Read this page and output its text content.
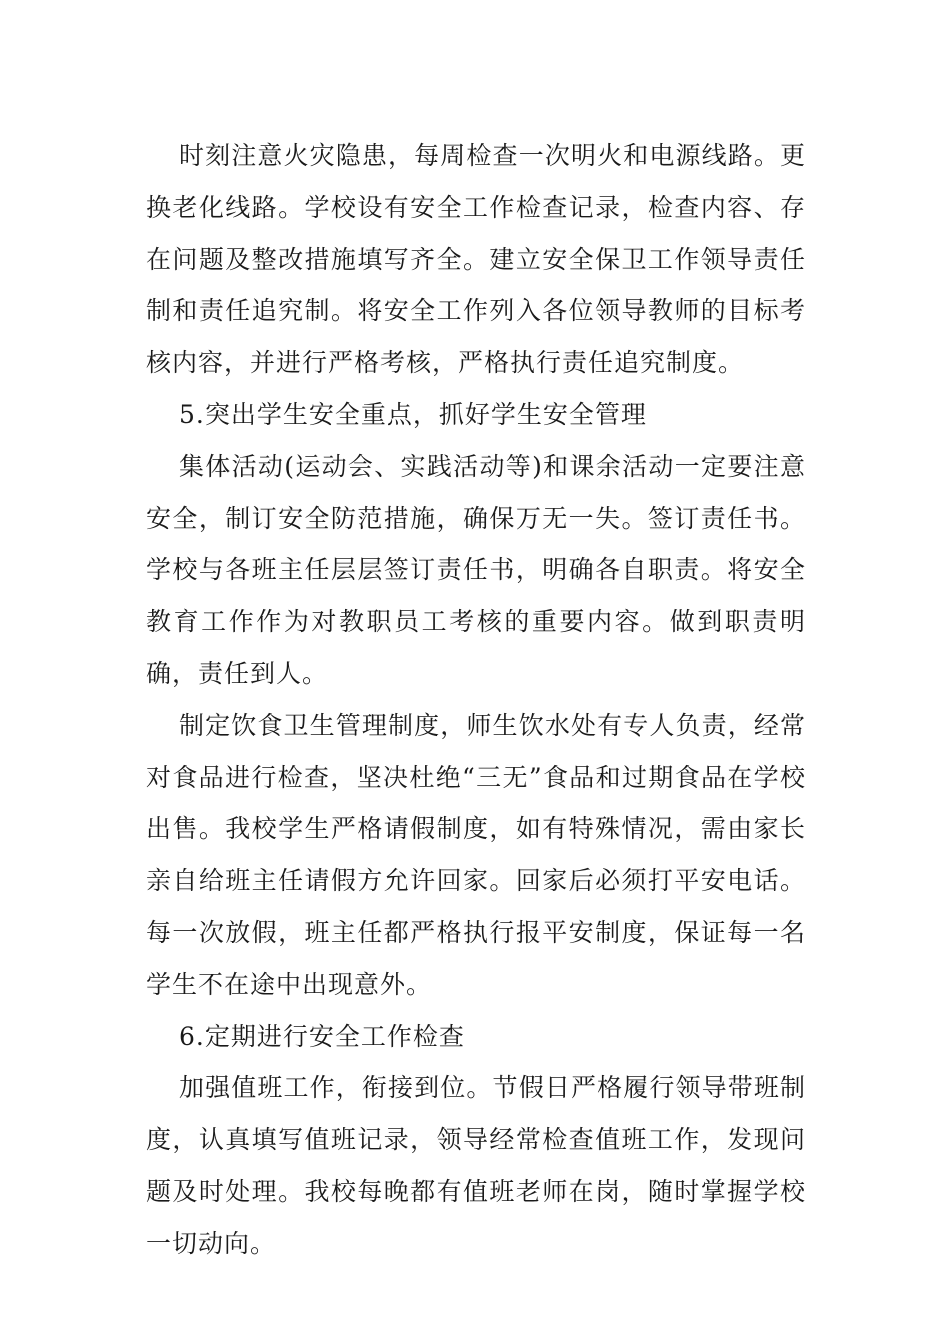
时刻注意火灾隐患，每周检查一次明火和电源线路。更换老化线路。学校设有安全工作检查记录，检查内容、存在问题及整改措施填写齐全。建立安全保卫工作领导责任制和责任追究制。将安全工作列入各位领导教师的目标考核内容，并进行严格考核，严格执行责任追究制度。

5.突出学生安全重点，抓好学生安全管理

集体活动(运动会、实践活动等)和课余活动一定要注意安全，制订安全防范措施，确保万无一失。签订责任书。学校与各班主任层层签订责任书，明确各自职责。将安全教育工作作为对教职员工考核的重要内容。做到职责明确，责任到人。

制定饮食卫生管理制度，师生饮水处有专人负责，经常对食品进行检查，坚决杜绝“三无”食品和过期食品在学校出售。我校学生严格请假制度，如有特殊情况，需由家长亲自给班主任请假方允许回家。回家后必须打平安电话。每一次放假，班主任都严格执行报平安制度，保证每一名学生不在途中出现意外。

6.定期进行安全工作检查

加强值班工作，衔接到位。节假日严格履行领导带班制度，认真填写值班记录，领导经常检查值班工作，发现问题及时处理。我校每晚都有值班老师在岗，随时掌握学校一切动向。
